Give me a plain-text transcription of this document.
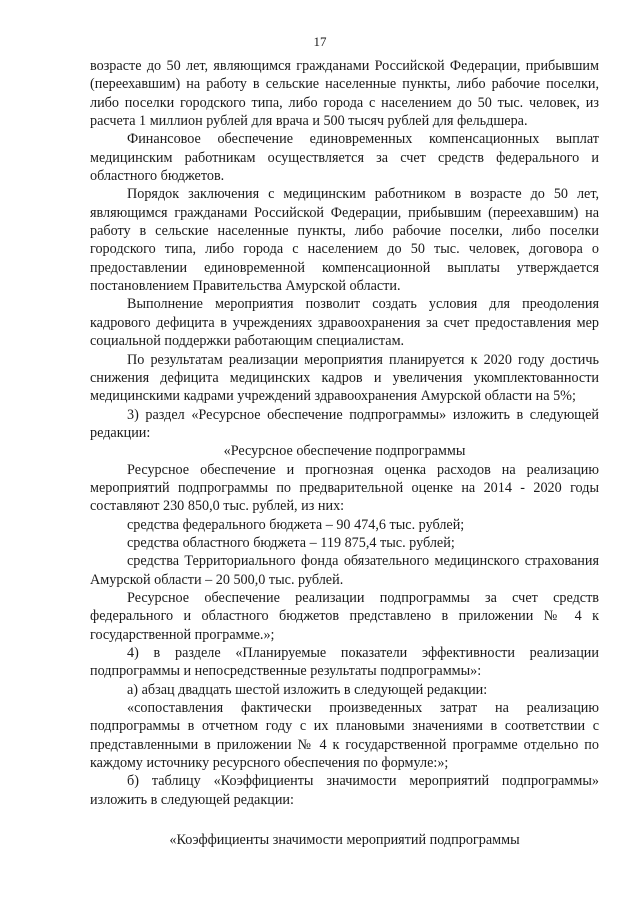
17

возрасте до 50 лет, являющимся гражданами Российской Федерации, прибывшим (переехавшим) на работу в сельские населенные пункты, либо рабочие поселки, либо поселки городского типа, либо города с населением до 50 тыс. человек, из расчета 1 миллион рублей для врача и 500 тысяч рублей для фельдшера.

Финансовое обеспечение единовременных компенсационных выплат медицинским работникам осуществляется за счет средств федерального и областного бюджетов.

Порядок заключения с медицинским работником в возрасте до 50 лет, являющимся гражданами Российской Федерации, прибывшим (переехавшим) на работу в сельские населенные пункты, либо рабочие поселки, либо поселки городского типа, либо города с населением до 50 тыс. человек, договора о предоставлении единовременной компенсационной выплаты утверждается постановлением Правительства Амурской области.

Выполнение мероприятия позволит создать условия для преодоления кадрового дефицита в учреждениях здравоохранения за счет предоставления мер социальной поддержки работающим специалистам.

По результатам реализации мероприятия планируется к 2020 году достичь снижения дефицита медицинских кадров и увеличения укомплектованности медицинскими кадрами учреждений здравоохранения Амурской области на 5%;

3) раздел «Ресурсное обеспечение подпрограммы» изложить в следующей редакции:

«Ресурсное обеспечение подпрограммы

Ресурсное обеспечение и прогнозная оценка расходов на реализацию мероприятий подпрограммы по предварительной оценке на 2014 - 2020 годы составляют 230 850,0 тыс. рублей, из них:

средства федерального бюджета – 90 474,6 тыс. рублей;

средства областного бюджета – 119 875,4 тыс. рублей;

средства Территориального фонда обязательного медицинского страхования Амурской области – 20 500,0 тыс. рублей.

Ресурсное обеспечение реализации подпрограммы за счет средств федерального и областного бюджетов представлено в приложении № 4 к государственной программе.»;

4) в разделе «Планируемые показатели эффективности реализации подпрограммы и непосредственные результаты подпрограммы»:

а) абзац двадцать шестой изложить в следующей редакции:

«сопоставления фактически произведенных затрат на реализацию подпрограммы в отчетном году с их плановыми значениями в соответствии с представленными в приложении № 4 к государственной программе отдельно по каждому источнику ресурсного обеспечения по формуле:»;

б) таблицу «Коэффициенты значимости мероприятий подпрограммы» изложить в следующей редакции:

«Коэффициенты значимости мероприятий подпрограммы
